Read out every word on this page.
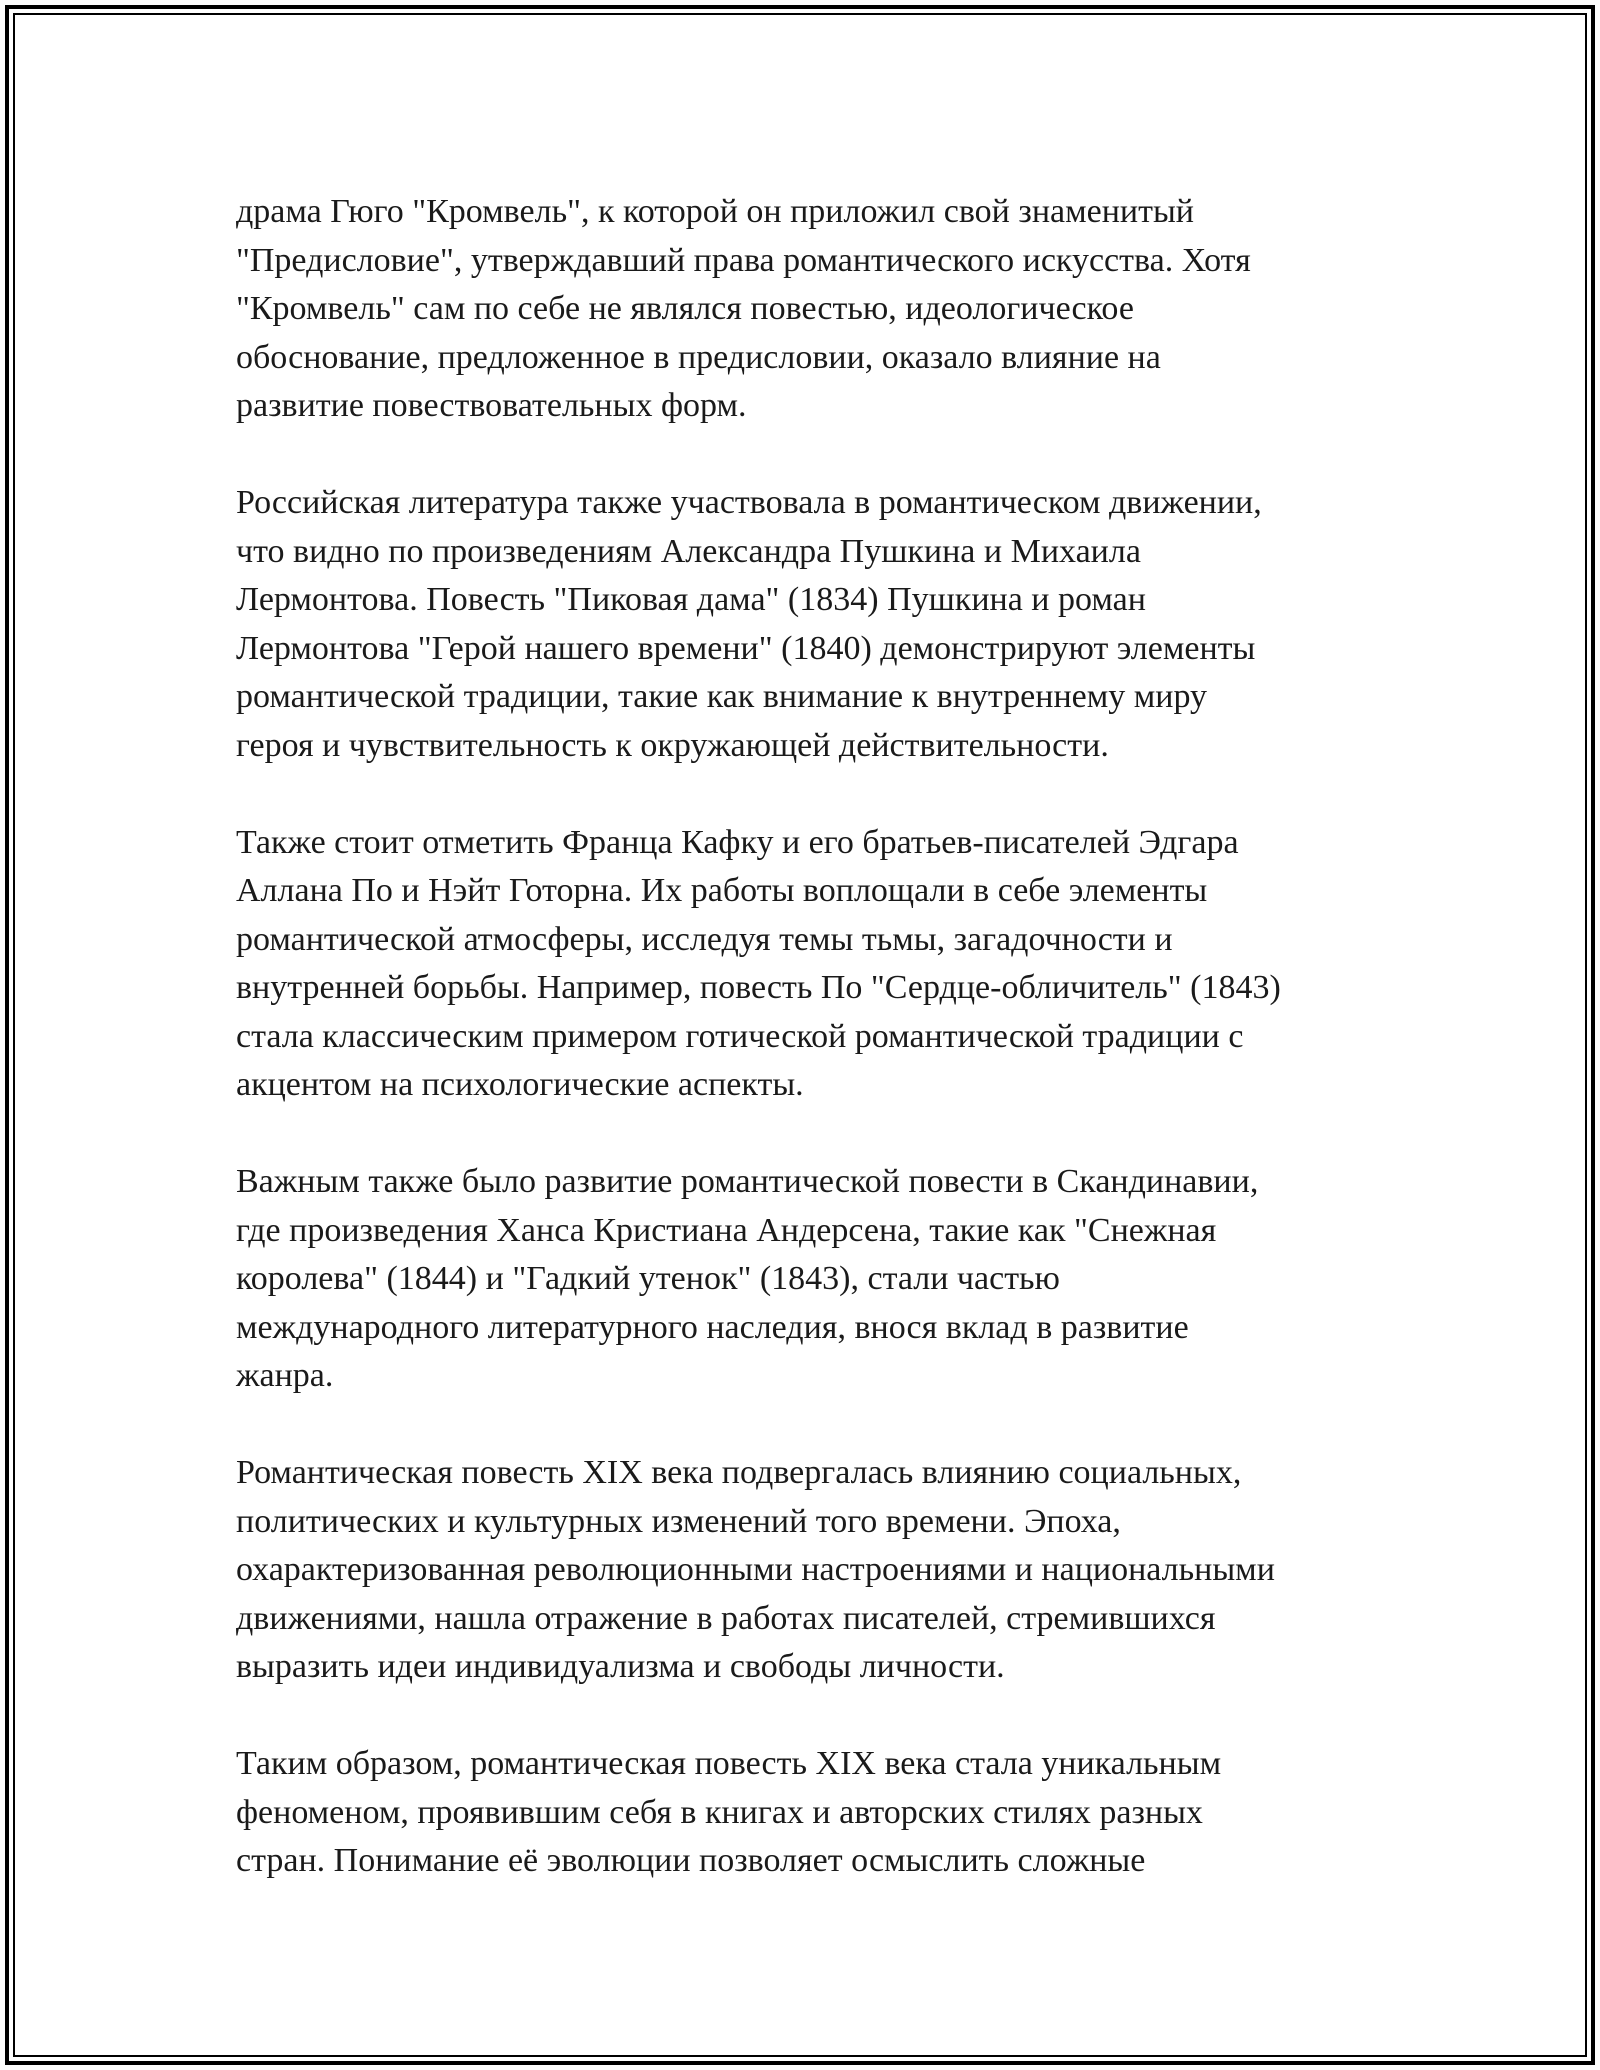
драма Гюго "Кромвель", к которой он приложил свой знаменитый
"Предисловие", утверждавший права романтического искусства. Хотя
"Кромвель" сам по себе не являлся повестью, идеологическое
обоснование, предложенное в предисловии, оказало влияние на
развитие повествовательных форм.

Российская литература также участвовала в романтическом движении,
что видно по произведениям Александра Пушкина и Михаила
Лермонтова. Повесть "Пиковая дама" (1834) Пушкина и роман
Лермонтова "Герой нашего времени" (1840) демонстрируют элементы
романтической традиции, такие как внимание к внутреннему миру
героя и чувствительность к окружающей действительности.

Также стоит отметить Франца Кафку и его братьев-писателей Эдгара
Аллана По и Нэйт Готорна. Их работы воплощали в себе элементы
романтической атмосферы, исследуя темы тьмы, загадочности и
внутренней борьбы. Например, повесть По "Сердце-обличитель" (1843)
стала классическим примером готической романтической традиции с
акцентом на психологические аспекты.

Важным также было развитие романтической повести в Скандинавии,
где произведения Ханса Кристиана Андерсена, такие как "Снежная
королева" (1844) и "Гадкий утенок" (1843), стали частью
международного литературного наследия, внося вклад в развитие
жанра.

Романтическая повесть XIX века подвергалась влиянию социальных,
политических и культурных изменений того времени. Эпоха,
охарактеризованная революционными настроениями и национальными
движениями, нашла отражение в работах писателей, стремившихся
выразить идеи индивидуализма и свободы личности.

Таким образом, романтическая повесть XIX века стала уникальным
феноменом, проявившим себя в книгах и авторских стилях разных
стран. Понимание её эволюции позволяет осмыслить сложные
